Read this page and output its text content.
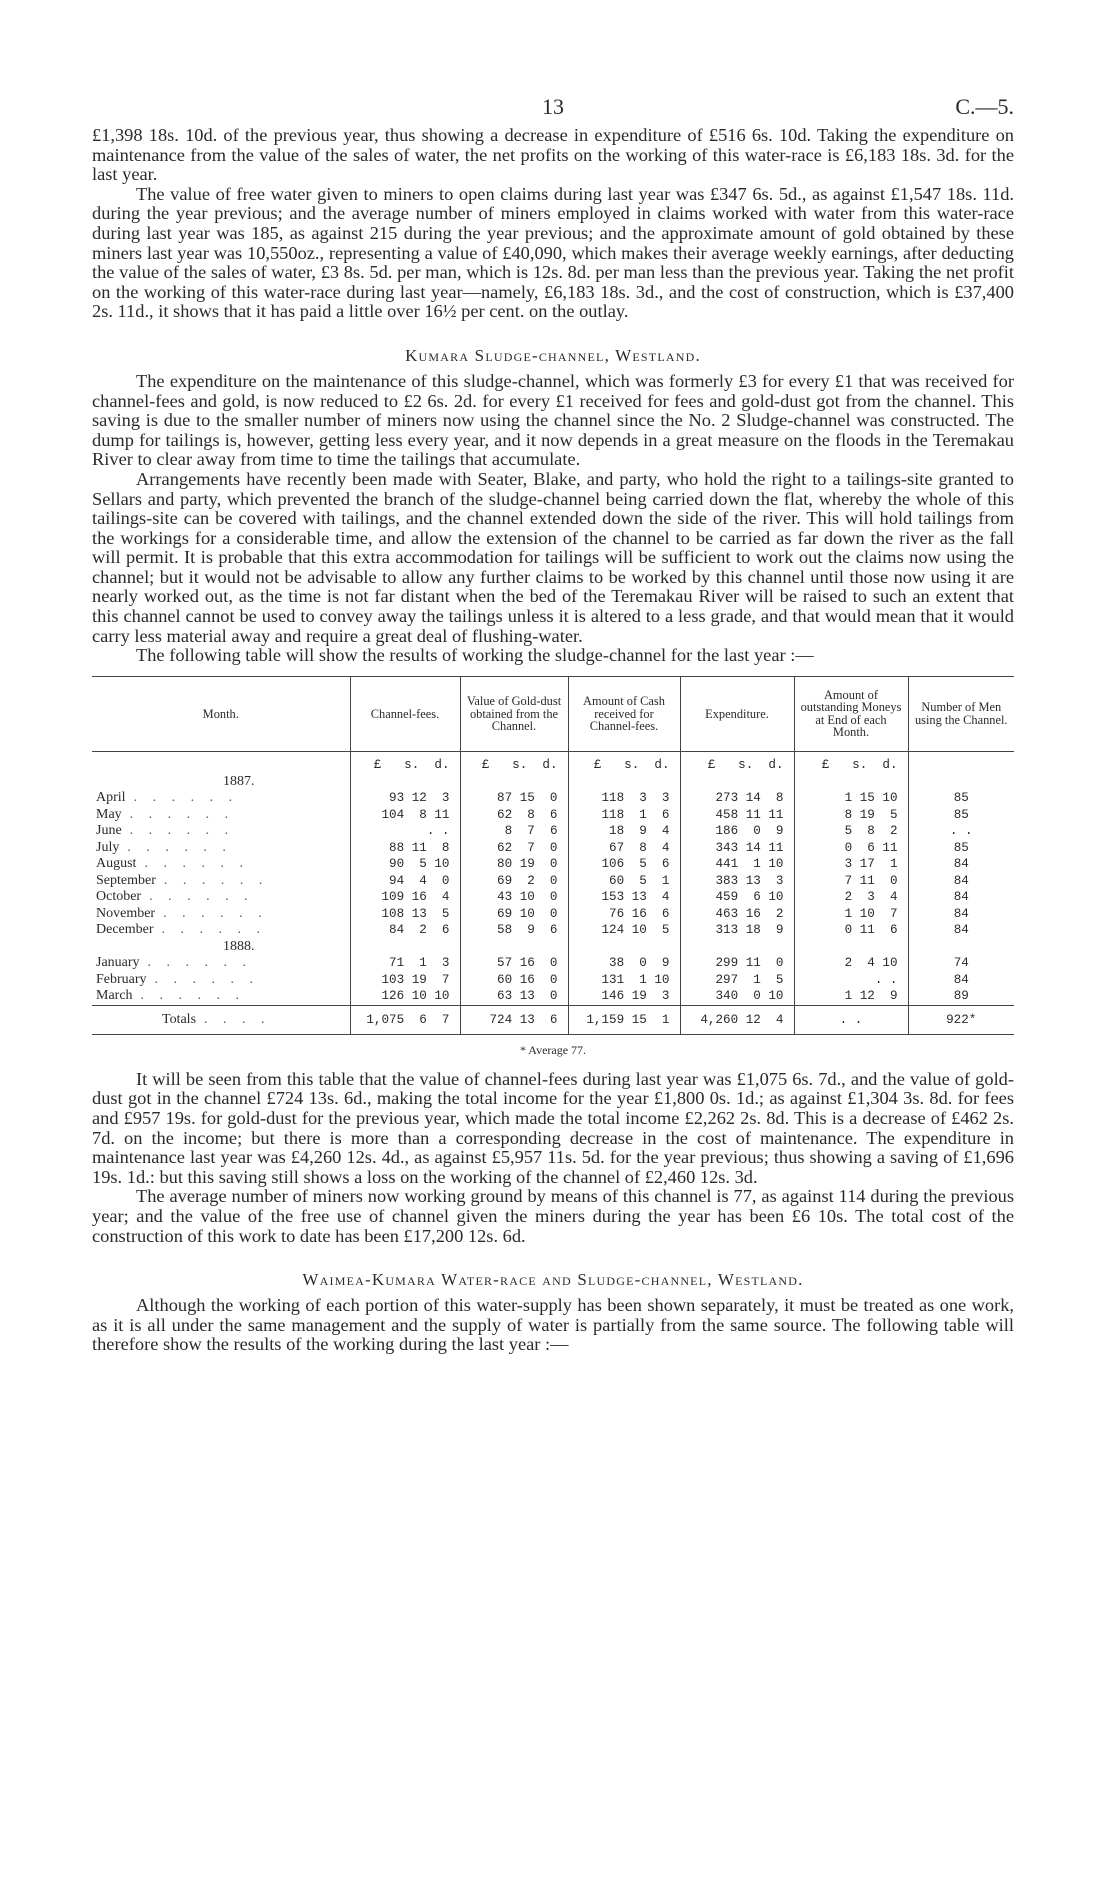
13	C.—5.

£1,398 18s. 10d. of the previous year, thus showing a decrease in expenditure of £516 6s. 10d. Taking the expenditure on maintenance from the value of the sales of water, the net profits on the working of this water-race is £6,183 18s. 3d. for the last year.

The value of free water given to miners to open claims during last year was £347 6s. 5d., as against £1,547 18s. 11d. during the year previous; and the average number of miners employed in claims worked with water from this water-race during last year was 185, as against 215 during the year previous; and the approximate amount of gold obtained by these miners last year was 10,550oz., representing a value of £40,090, which makes their average weekly earnings, after deducting the value of the sales of water, £3 8s. 5d. per man, which is 12s. 8d. per man less than the previous year. Taking the net profit on the working of this water-race during last year—namely, £6,183 18s. 3d., and the cost of construction, which is £37,400 2s. 11d., it shows that it has paid a little over 16½ per cent. on the outlay.

Kumara Sludge-channel, Westland.

The expenditure on the maintenance of this sludge-channel, which was formerly £3 for every £1 that was received for channel-fees and gold, is now reduced to £2 6s. 2d. for every £1 received for fees and gold-dust got from the channel. This saving is due to the smaller number of miners now using the channel since the No. 2 Sludge-channel was constructed. The dump for tailings is, however, getting less every year, and it now depends in a great measure on the floods in the Teremakau River to clear away from time to time the tailings that accumulate.

Arrangements have recently been made with Seater, Blake, and party, who hold the right to a tailings-site granted to Sellars and party, which prevented the branch of the sludge-channel being carried down the flat, whereby the whole of this tailings-site can be covered with tailings, and the channel extended down the side of the river. This will hold tailings from the workings for a considerable time, and allow the extension of the channel to be carried as far down the river as the fall will permit. It is probable that this extra accommodation for tailings will be sufficient to work out the claims now using the channel; but it would not be advisable to allow any further claims to be worked by this channel until those now using it are nearly worked out, as the time is not far distant when the bed of the Teremakau River will be raised to such an extent that this channel cannot be used to convey away the tailings unless it is altered to a less grade, and that would mean that it would carry less material away and require a great deal of flushing-water.

The following table will show the results of working the sludge-channel for the last year :—

Month.	Channel-fees.	Value of Gold-dust obtained from the Channel.	Amount of Cash received for Channel-fees.	Expenditure.	Amount of outstanding Moneys at End of each Month.	Number of Men using the Channel.
	£   s.  d.	£   s.  d.	£   s.  d.	£   s.  d.	£   s.  d.	
1887.						
April . . . . . .	93 12  3	87 15  0	118  3  3	273 14  8	1 15 10	85
May . . . . . .	104  8 11	62  8  6	118  1  6	458 11 11	8 19  5	85
June . . . . . .	. .	8  7  6	18  9  4	186  0  9	5  8  2	. .
July . . . . . .	88 11  8	62  7  0	67  8  4	343 14 11	0  6 11	85
August . . . . . .	90  5 10	80 19  0	106  5  6	441  1 10	3 17  1	84
September . . . . . .	94  4  0	69  2  0	60  5  1	383 13  3	7 11  0	84
October . . . . . .	109 16  4	43 10  0	153 13  4	459  6 10	2  3  4	84
November . . . . . .	108 13  5	69 10  0	76 16  6	463 16  2	1 10  7	84
December . . . . . .	84  2  6	58  9  6	124 10  5	313 18  9	0 11  6	84
1888.						
January . . . . . .	71  1  3	57 16  0	38  0  9	299 11  0	2  4 10	74
February . . . . . .	103 19  7	60 16  0	131  1 10	297  1  5	. .	84
March . . . . . .	126 10 10	63 13  0	146 19  3	340  0 10	1 12  9	89
Totals . . . .	1,075  6  7	724 13  6	1,159 15  1	4,260 12  4	. .	922*
* Average 77.

It will be seen from this table that the value of channel-fees during last year was £1,075 6s. 7d., and the value of gold-dust got in the channel £724 13s. 6d., making the total income for the year £1,800 0s. 1d.; as against £1,304 3s. 8d. for fees and £957 19s. for gold-dust for the previous year, which made the total income £2,262 2s. 8d. This is a decrease of £462 2s. 7d. on the income; but there is more than a corresponding decrease in the cost of maintenance. The expenditure in maintenance last year was £4,260 12s. 4d., as against £5,957 11s. 5d. for the year previous; thus showing a saving of £1,696 19s. 1d.: but this saving still shows a loss on the working of the channel of £2,460 12s. 3d.

The average number of miners now working ground by means of this channel is 77, as against 114 during the previous year; and the value of the free use of channel given the miners during the year has been £6 10s. The total cost of the construction of this work to date has been £17,200 12s. 6d.

Waimea-Kumara Water-race and Sludge-channel, Westland.

Although the working of each portion of this water-supply has been shown separately, it must be treated as one work, as it is all under the same management and the supply of water is partially from the same source. The following table will therefore show the results of the working during the last year :—
